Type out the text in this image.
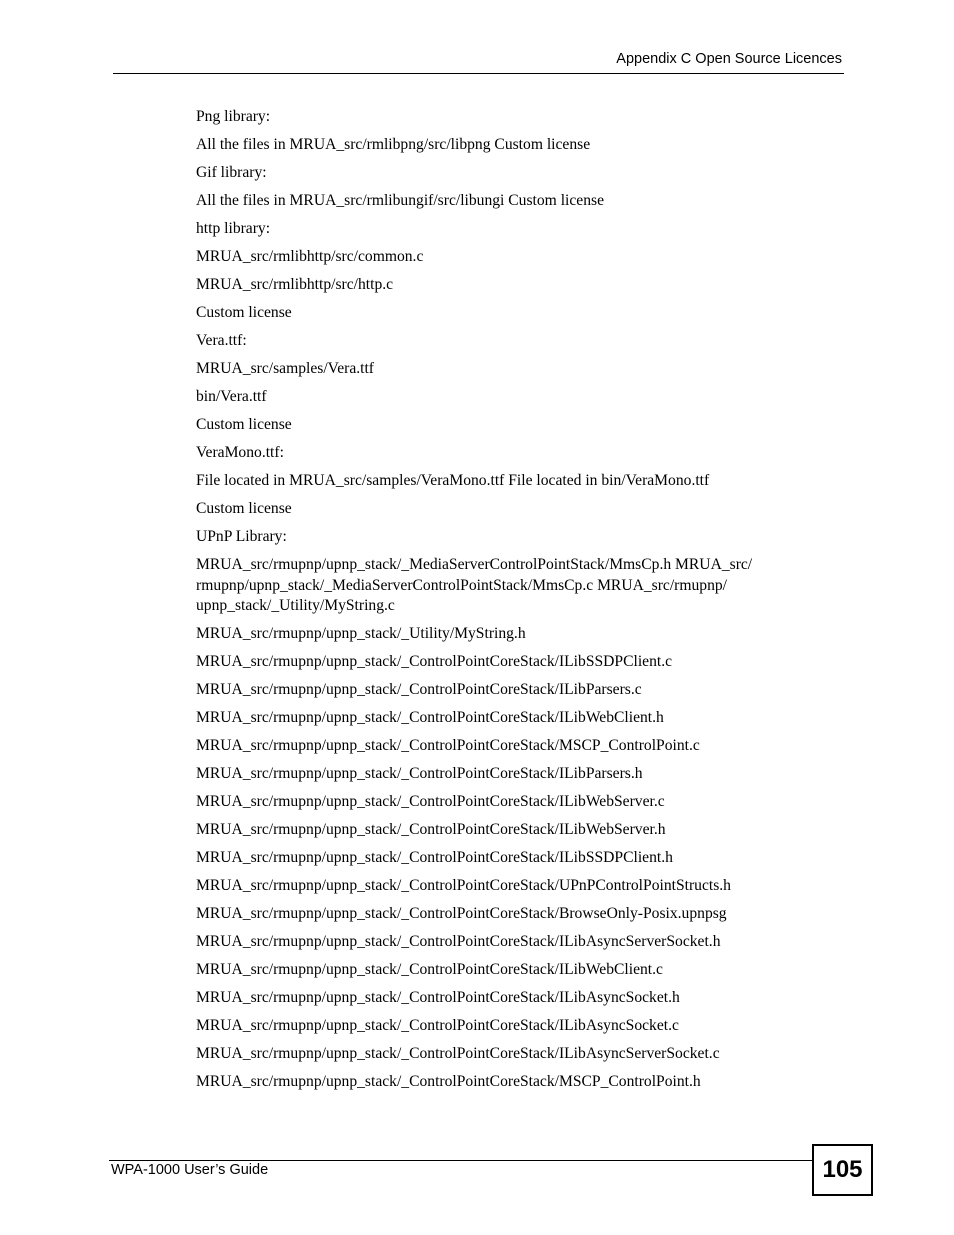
Appendix C Open Source Licences

Png library:

All the files in MRUA_src/rmlibpng/src/libpng Custom license

Gif library:

All the files in MRUA_src/rmlibungif/src/libungi Custom license

http library:

MRUA_src/rmlibhttp/src/common.c

MRUA_src/rmlibhttp/src/http.c

Custom license

Vera.ttf:

MRUA_src/samples/Vera.ttf

bin/Vera.ttf

Custom license

VeraMono.ttf:

File located in MRUA_src/samples/VeraMono.ttf File located in bin/VeraMono.ttf

Custom license

UPnP Library:

MRUA_src/rmupnp/upnp_stack/_MediaServerControlPointStack/MmsCp.h MRUA_src/ rmupnp/upnp_stack/_MediaServerControlPointStack/MmsCp.c MRUA_src/rmupnp/ upnp_stack/_Utility/MyString.c

MRUA_src/rmupnp/upnp_stack/_Utility/MyString.h

MRUA_src/rmupnp/upnp_stack/_ControlPointCoreStack/ILibSSDPClient.c

MRUA_src/rmupnp/upnp_stack/_ControlPointCoreStack/ILibParsers.c

MRUA_src/rmupnp/upnp_stack/_ControlPointCoreStack/ILibWebClient.h

MRUA_src/rmupnp/upnp_stack/_ControlPointCoreStack/MSCP_ControlPoint.c

MRUA_src/rmupnp/upnp_stack/_ControlPointCoreStack/ILibParsers.h

MRUA_src/rmupnp/upnp_stack/_ControlPointCoreStack/ILibWebServer.c

MRUA_src/rmupnp/upnp_stack/_ControlPointCoreStack/ILibWebServer.h

MRUA_src/rmupnp/upnp_stack/_ControlPointCoreStack/ILibSSDPClient.h

MRUA_src/rmupnp/upnp_stack/_ControlPointCoreStack/UPnPControlPointStructs.h

MRUA_src/rmupnp/upnp_stack/_ControlPointCoreStack/BrowseOnly-Posix.upnpsg

MRUA_src/rmupnp/upnp_stack/_ControlPointCoreStack/ILibAsyncServerSocket.h

MRUA_src/rmupnp/upnp_stack/_ControlPointCoreStack/ILibWebClient.c

MRUA_src/rmupnp/upnp_stack/_ControlPointCoreStack/ILibAsyncSocket.h

MRUA_src/rmupnp/upnp_stack/_ControlPointCoreStack/ILibAsyncSocket.c

MRUA_src/rmupnp/upnp_stack/_ControlPointCoreStack/ILibAsyncServerSocket.c

MRUA_src/rmupnp/upnp_stack/_ControlPointCoreStack/MSCP_ControlPoint.h

WPA-1000 User’s Guide	105
